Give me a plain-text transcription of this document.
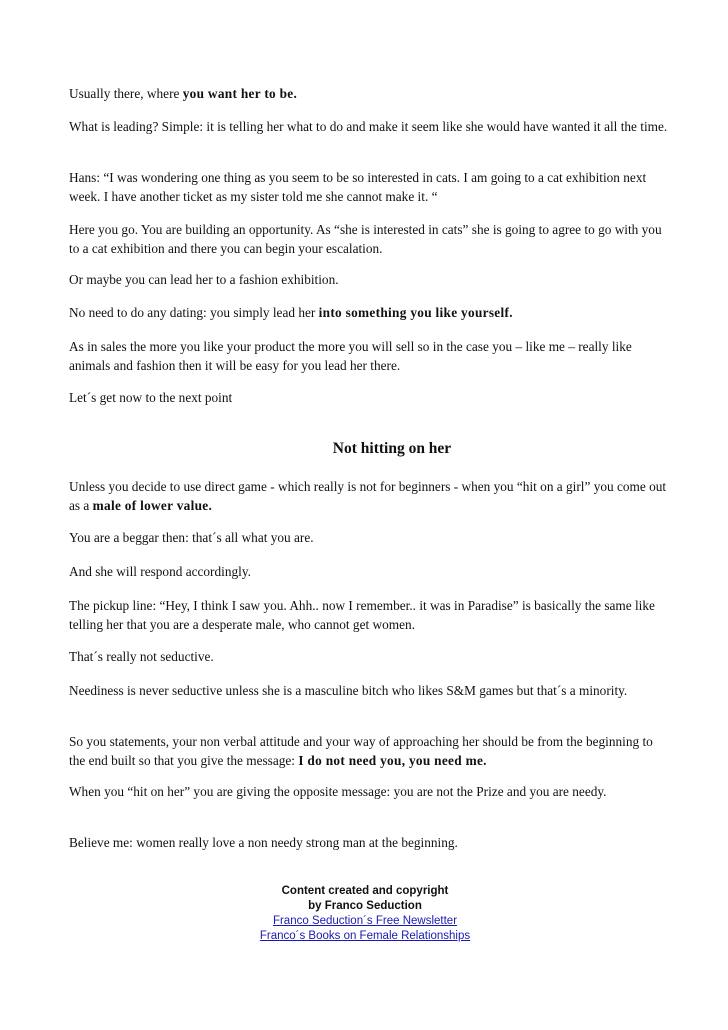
Usually there, where you want her to be.

What is leading? Simple: it is telling her what to do and make it seem like she would have wanted it all the time.

Hans: “I was wondering one thing as you seem to be so interested in cats. I am going to a cat exhibition next week. I have another ticket as my sister told me she cannot make it. “

Here you go. You are building an opportunity. As “she is interested in cats” she is going to agree to go with you to a cat exhibition and there you can begin your escalation.

Or maybe you can lead her to a fashion exhibition.

No need to do any dating: you simply lead her into something you like yourself.

As in sales the more you like your product the more you will sell so in the case you – like me – really like animals and fashion then it will be easy for you lead her there.

Let´s get now to the next point

Not hitting on her

Unless you decide to use direct game - which really is not for beginners - when you “hit on a girl” you come out as a male of lower value.

You are a beggar then: that´s all what you are.

And she will respond accordingly.

The pickup line: “Hey, I think I saw you. Ahh.. now I remember.. it was in Paradise” is basically the same like telling her that you are a desperate male, who cannot get women.

That´s really not seductive.

Neediness is never seductive unless she is a masculine bitch who likes S&M games but that´s a minority.

So you statements, your non verbal attitude and your way of approaching her should be from the beginning to the end built so that you give the message: I do not need you, you need me.

When you “hit on her” you are giving the opposite message: you are not the Prize and you are needy.

Believe me: women really love a non needy strong man at the beginning.

Content created and copyright
by Franco Seduction
Franco Seduction´s Free Newsletter
Franco´s Books on Female Relationships
